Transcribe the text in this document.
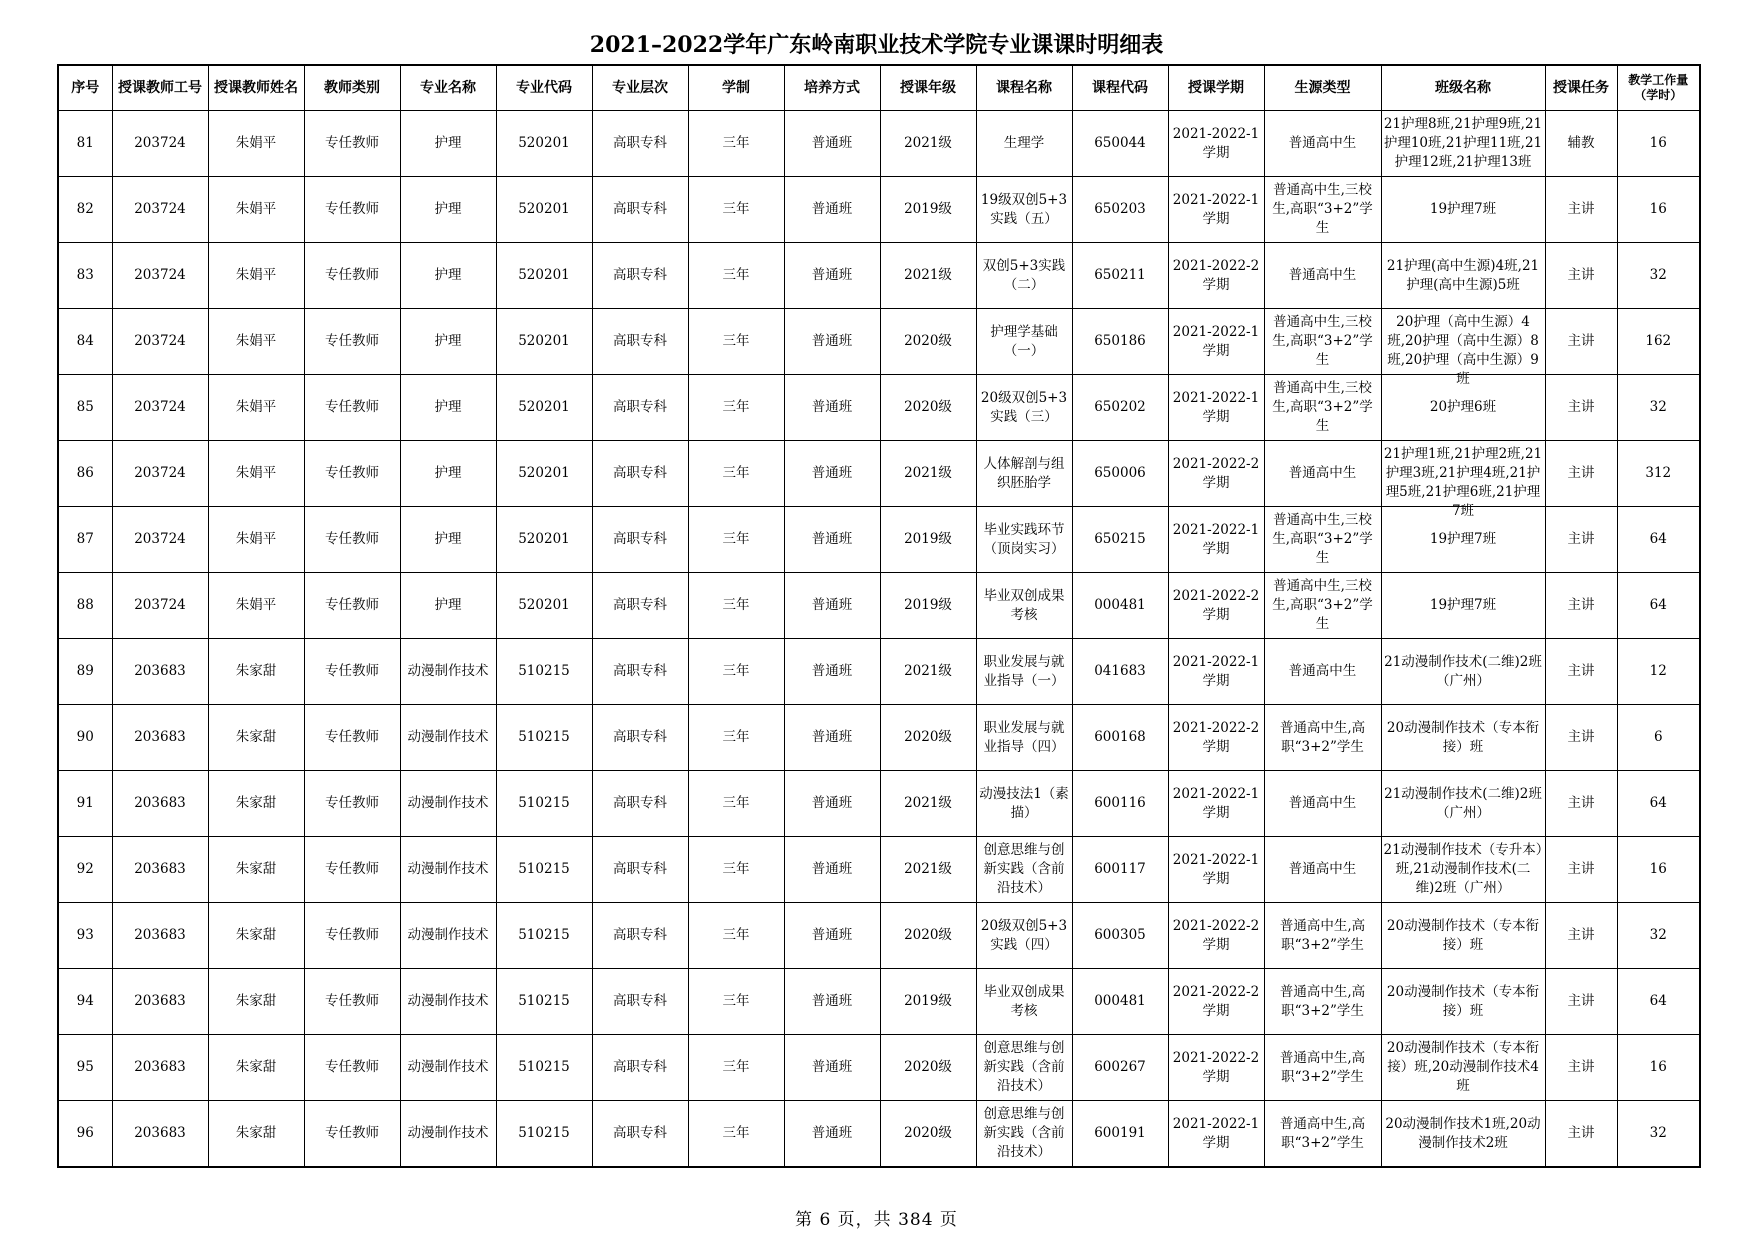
2021–2022学年广东岭南职业技术学院专业课课时明细表
序号	授课教师工号	授课教师姓名	教师类别	专业名称	专业代码	专业层次	学制	培养方式	授课年级	课程名称	课程代码	授课学期	生源类型	班级名称	授课任务	教学工作量（学时）

81	203724	朱娟平	专任教师	护理	520201	高职专科	三年	普通班	2021级	生理学	650044	2021-2022-1学期	普通高中生	21护理8班,21护理9班,21护理10班,21护理11班,21护理12班,21护理13班	辅教	16

82	203724	朱娟平	专任教师	护理	520201	高职专科	三年	普通班	2019级	19级双创5+3实践（五）	650203	2021-2022-1学期	普通高中生,三校生,高职“3+2”学生	19护理7班	主讲	16

83	203724	朱娟平	专任教师	护理	520201	高职专科	三年	普通班	2021级	双创5+3实践（二）	650211	2021-2022-2学期	普通高中生	21护理(高中生源)4班,21护理(高中生源)5班	主讲	32

84	203724	朱娟平	专任教师	护理	520201	高职专科	三年	普通班	2020级	护理学基础（一）	650186	2021-2022-1学期	普通高中生,三校生,高职“3+2”学生	20护理（高中生源）4班,20护理（高中生源）8班,20护理（高中生源）9班	主讲	162

85	203724	朱娟平	专任教师	护理	520201	高职专科	三年	普通班	2020级	20级双创5+3实践（三）	650202	2021-2022-1学期	普通高中生,三校生,高职“3+2”学生	20护理6班	主讲	32

86	203724	朱娟平	专任教师	护理	520201	高职专科	三年	普通班	2021级	人体解剖与组织胚胎学	650006	2021-2022-2学期	普通高中生	21护理1班,21护理2班,21护理3班,21护理4班,21护理5班,21护理6班,21护理7班	主讲	312

87	203724	朱娟平	专任教师	护理	520201	高职专科	三年	普通班	2019级	毕业实践环节（顶岗实习）	650215	2021-2022-1学期	普通高中生,三校生,高职“3+2”学生	19护理7班	主讲	64

88	203724	朱娟平	专任教师	护理	520201	高职专科	三年	普通班	2019级	毕业双创成果考核	000481	2021-2022-2学期	普通高中生,三校生,高职“3+2”学生	19护理7班	主讲	64

89	203683	朱家甜	专任教师	动漫制作技术	510215	高职专科	三年	普通班	2021级	职业发展与就业指导（一）	041683	2021-2022-1学期	普通高中生	21动漫制作技术(二维)2班（广州）	主讲	12

90	203683	朱家甜	专任教师	动漫制作技术	510215	高职专科	三年	普通班	2020级	职业发展与就业指导（四）	600168	2021-2022-2学期	普通高中生,高职“3+2”学生	20动漫制作技术（专本衔接）班	主讲	6

91	203683	朱家甜	专任教师	动漫制作技术	510215	高职专科	三年	普通班	2021级	动漫技法1（素描）	600116	2021-2022-1学期	普通高中生	21动漫制作技术(二维)2班（广州）	主讲	64

92	203683	朱家甜	专任教师	动漫制作技术	510215	高职专科	三年	普通班	2021级	创意思维与创新实践（含前沿技术）	600117	2021-2022-1学期	普通高中生	21动漫制作技术（专升本）班,21动漫制作技术(二维)2班（广州）	主讲	16

93	203683	朱家甜	专任教师	动漫制作技术	510215	高职专科	三年	普通班	2020级	20级双创5+3实践（四）	600305	2021-2022-2学期	普通高中生,高职“3+2”学生	20动漫制作技术（专本衔接）班	主讲	32

94	203683	朱家甜	专任教师	动漫制作技术	510215	高职专科	三年	普通班	2019级	毕业双创成果考核	000481	2021-2022-2学期	普通高中生,高职“3+2”学生	20动漫制作技术（专本衔接）班	主讲	64

95	203683	朱家甜	专任教师	动漫制作技术	510215	高职专科	三年	普通班	2020级	创意思维与创新实践（含前沿技术）	600267	2021-2022-2学期	普通高中生,高职“3+2”学生	20动漫制作技术（专本衔接）班,20动漫制作技术4班	主讲	16

96	203683	朱家甜	专任教师	动漫制作技术	510215	高职专科	三年	普通班	2020级	创意思维与创新实践（含前沿技术）	600191	2021-2022-1学期	普通高中生,高职“3+2”学生	20动漫制作技术1班,20动漫制作技术2班	主讲	32
第 6 页，共 384 页
